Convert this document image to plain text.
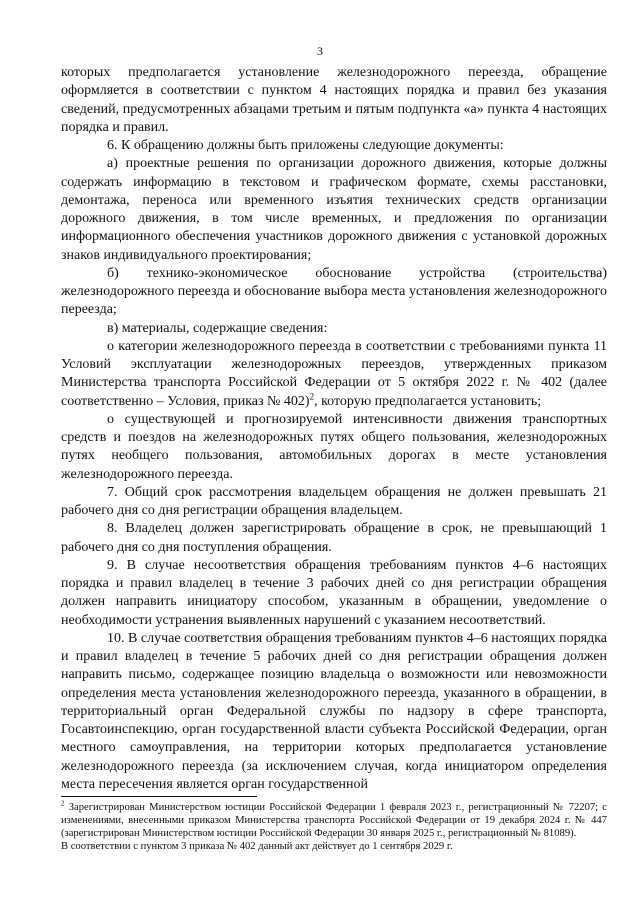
3

которых предполагается установление железнодорожного переезда, обращение оформляется в соответствии с пунктом 4 настоящих порядка и правил без указания сведений, предусмотренных абзацами третьим и пятым подпункта «а» пункта 4 настоящих порядка и правил.

6. К обращению должны быть приложены следующие документы:

а) проектные решения по организации дорожного движения, которые должны содержать информацию в текстовом и графическом формате, схемы расстановки, демонтажа, переноса или временного изъятия технических средств организации дорожного движения, в том числе временных, и предложения по организации информационного обеспечения участников дорожного движения с установкой дорожных знаков индивидуального проектирования;

б) технико-экономическое обоснование устройства (строительства) железнодорожного переезда и обоснование выбора места установления железнодорожного переезда;

в) материалы, содержащие сведения:

о категории железнодорожного переезда в соответствии с требованиями пункта 11 Условий эксплуатации железнодорожных переездов, утвержденных приказом Министерства транспорта Российской Федерации от 5 октября 2022 г. № 402 (далее соответственно – Условия, приказ № 402)$^2$, которую предполагается установить;

о существующей и прогнозируемой интенсивности движения транспортных средств и поездов на железнодорожных путях общего пользования, железнодорожных путях необщего пользования, автомобильных дорогах в месте установления железнодорожного переезда.

7. Общий срок рассмотрения владельцем обращения не должен превышать 21 рабочего дня со дня регистрации обращения владельцем.

8. Владелец должен зарегистрировать обращение в срок, не превышающий 1 рабочего дня со дня поступления обращения.

9. В случае несоответствия обращения требованиям пунктов 4–6 настоящих порядка и правил владелец в течение 3 рабочих дней со дня регистрации обращения должен направить инициатору способом, указанным в обращении, уведомление о необходимости устранения выявленных нарушений с указанием несоответствий.

10. В случае соответствия обращения требованиям пунктов 4–6 настоящих порядка и правил владелец в течение 5 рабочих дней со дня регистрации обращения должен направить письмо, содержащее позицию владельца о возможности или невозможности определения места установления железнодорожного переезда, указанного в обращении, в территориальный орган Федеральной службы по надзору в сфере транспорта, Госавтоинспекцию, орган государственной власти субъекта Российской Федерации, орган местного самоуправления, на территории которых предполагается установление железнодорожного переезда (за исключением случая, когда инициатором определения места пересечения является орган государственной

$^2$ Зарегистрирован Министерством юстиции Российской Федерации 1 февраля 2023 г., регистрационный № 72207; с изменениями, внесенными приказом Министерства транспорта Российской Федерации от 19 декабря 2024 г. № 447 (зарегистрирован Министерством юстиции Российской Федерации 30 января 2025 г., регистрационный № 81089).

В соответствии с пунктом 3 приказа № 402 данный акт действует до 1 сентября 2029 г.
